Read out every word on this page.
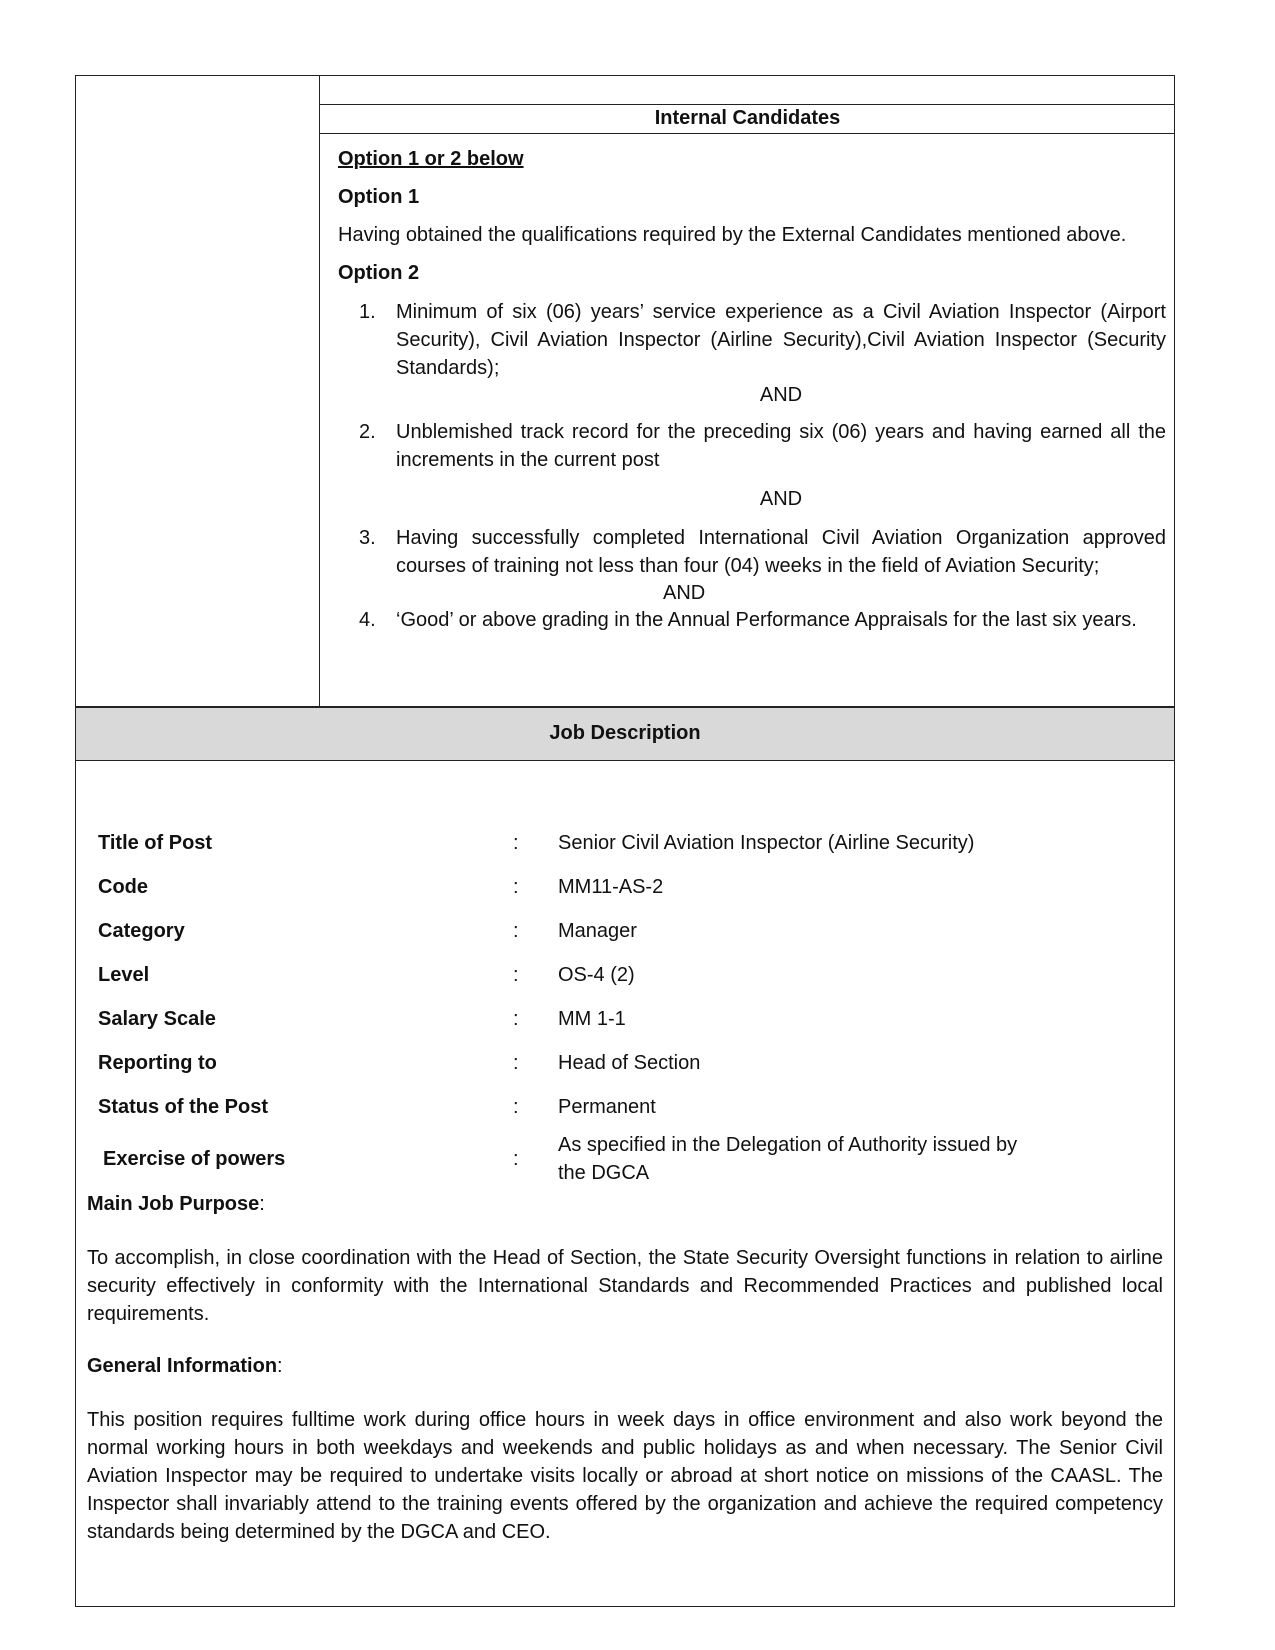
Internal Candidates

Option 1 or 2 below

Option 1

Having obtained the qualifications required by the External Candidates mentioned above.

Option 2

1. Minimum of six (06) years’ service experience as a Civil Aviation Inspector (Airport Security), Civil Aviation Inspector (Airline Security),Civil Aviation Inspector (Security Standards);
AND
2. Unblemished track record for the preceding six (06) years and having earned all the increments in the current post
AND
3. Having successfully completed International Civil Aviation Organization approved courses of training not less than four (04) weeks in the field of Aviation Security;
AND
4. ‘Good’ or above grading in the Annual Performance Appraisals for the last six years.
Job Description
Title of Post	:	Senior Civil Aviation Inspector (Airline Security)
Code	:	MM11-AS-2
Category	:	Manager
Level	:	OS-4 (2)
Salary Scale	:	MM 1-1
Reporting to	:	Head of Section
Status of the Post	:	Permanent
Exercise of powers	:	As specified in the Delegation of Authority issued by the DGCA
Main Job Purpose:

To accomplish, in close coordination with the Head of Section, the State Security Oversight functions in relation to airline security effectively in conformity with the International Standards and Recommended Practices and published local requirements.

General Information:

This position requires fulltime work during office hours in week days in office environment and also work beyond the normal working hours in both weekdays and weekends and public holidays as and when necessary. The Senior Civil Aviation Inspector may be required to undertake visits locally or abroad at short notice on missions of the CAASL. The Inspector shall invariably attend to the training events offered by the organization and achieve the required competency standards being determined by the DGCA and CEO.
